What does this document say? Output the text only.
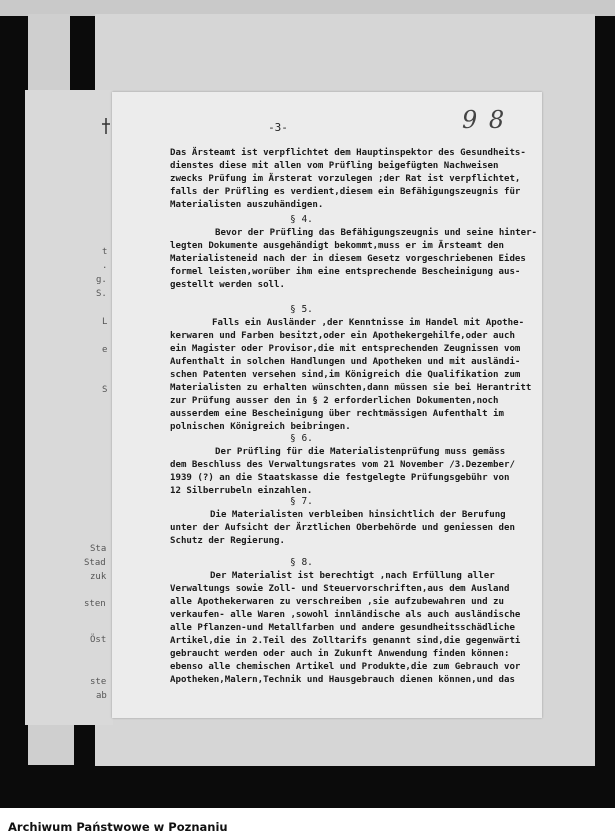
t
.
g.
S.
L
e
S
Sta
Stad
zuk
sten
Öst
ste
ab
-3-	9 8
Das Ärsteamt ist verpflichtet dem Hauptinspektor des Gesundheits-
dienstes diese mit allen vom Prüfling beigefügten Nachweisen
zwecks Prüfung im Ärsterat vorzulegen ;der Rat ist verpflichtet,
falls der Prüfling es verdient,diesem ein Befähigungszeugnis für
Materialisten auszuhändigen.
§ 4.
Bevor der Prüfling das Befähigungszeugnis und seine hinter-
legten Dokumente ausgehändigt bekommt,muss er im Ärsteamt den
Materialisteneid nach der in diesem Gesetz vorgeschriebenen Eides
formel leisten,worüber ihm eine entsprechende Bescheinigung aus-
gestellt werden soll.
§ 5.
Falls ein Ausländer ,der Kenntnisse im Handel mit Apothe-
kerwaren und Farben besitzt,oder ein Apothekergehilfe,oder auch
ein Magister oder Provisor,die mit entsprechenden Zeugnissen vom
Aufenthalt in solchen Handlungen und Apotheken und mit ausländi-
schen Patenten versehen sind,im Königreich die Qualifikation zum
Materialisten zu erhalten wünschten,dann müssen sie bei Herantritt
zur Prüfung ausser den in § 2 erforderlichen Dokumenten,noch
ausserdem eine Bescheinigung über rechtmässigen Aufenthalt im
polnischen Königreich beibringen.
§ 6.
Der Prüfling für die Materialistenprüfung muss gemäss
dem Beschluss des Verwaltungsrates vom 21 November /3.Dezember/
1939 (?) an die Staatskasse die festgelegte Prüfungsgebühr von
12 Silberrubeln einzahlen.
§ 7.
Die Materialisten verbleiben hinsichtlich der Berufung
unter der Aufsicht der Ärztlichen Oberbehörde und geniessen den
Schutz der Regierung.
§ 8.
Der Materialist ist berechtigt ,nach Erfüllung aller
Verwaltungs sowie Zoll- und Steuervorschriften,aus dem Ausland
alle Apothekerwaren zu verschreiben ,sie aufzubewahren und zu
verkaufen- alle Waren ,sowohl innländische als auch ausländische
alle Pflanzen-und Metallfarben und andere gesundheitsschädliche
Artikel,die in 2.Teil des Zolltarifs genannt sind,die gegenwärti
gebraucht werden oder auch in Zukunft Anwendung finden können:
ebenso alle chemischen Artikel und Produkte,die zum Gebrauch vor
Apotheken,Malern,Technik und Hausgebrauch dienen können,und das
Archiwum Państwowe w Poznaniu
